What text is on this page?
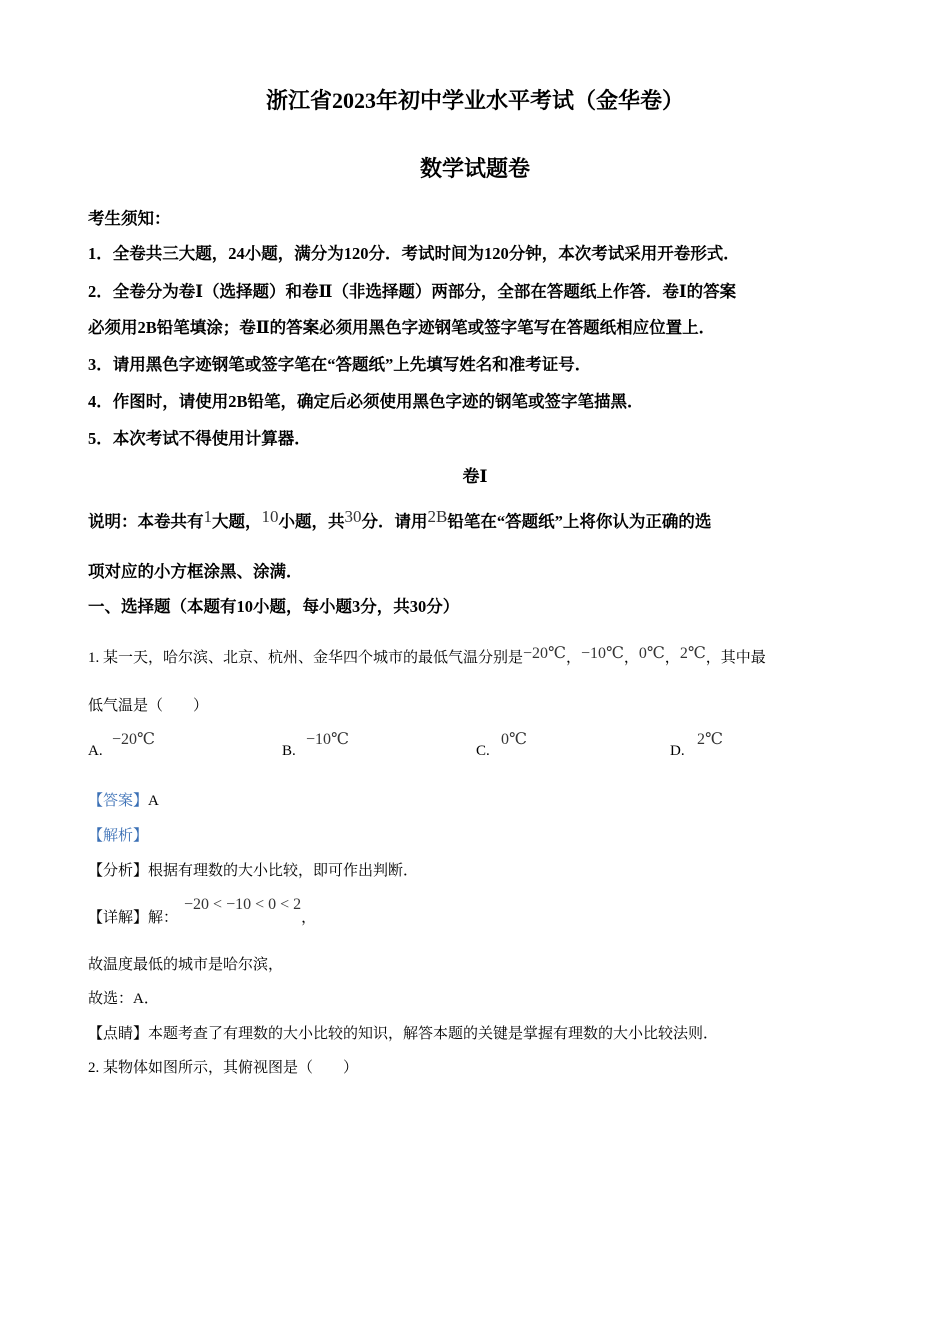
浙江省2023年初中学业水平考试（金华卷）
数学试题卷
考生须知：
1．全卷共三大题，24小题，满分为120分．考试时间为120分钟，本次考试采用开卷形式．
2．全卷分为卷Ⅰ（选择题）和卷Ⅱ（非选择题）两部分，全部在答题纸上作答．卷Ⅰ的答案
必须用2B铅笔填涂；卷Ⅱ的答案必须用黑色字迹钢笔或签字笔写在答题纸相应位置上．
3．请用黑色字迹钢笔或签字笔在“答题纸”上先填写姓名和准考证号．
4．作图时，请使用2B铅笔，确定后必须使用黑色字迹的钢笔或签字笔描黑．
5．本次考试不得使用计算器．
卷Ⅰ
说明：本卷共有1大题，10小题，共30分．请用2B铅笔在“答题纸”上将你认为正确的选
项对应的小方框涂黑、涂满．
一、选择题（本题有10小题，每小题3分，共30分）
1. 某一天，哈尔滨、北京、杭州、金华四个城市的最低气温分别是−20℃，−10℃，0℃，2℃，其中最
低气温是（　　）
A.
−20℃
B.
−10℃
C.
0℃
D.
2℃
【答案】A
【解析】
【分析】根据有理数的大小比较，即可作出判断．
【详解】解：−20 < −10 < 0 < 2，
故温度最低的城市是哈尔滨，
故选：A．
【点睛】本题考查了有理数的大小比较的知识，解答本题的关键是掌握有理数的大小比较法则．
2. 某物体如图所示，其俯视图是（　　）
